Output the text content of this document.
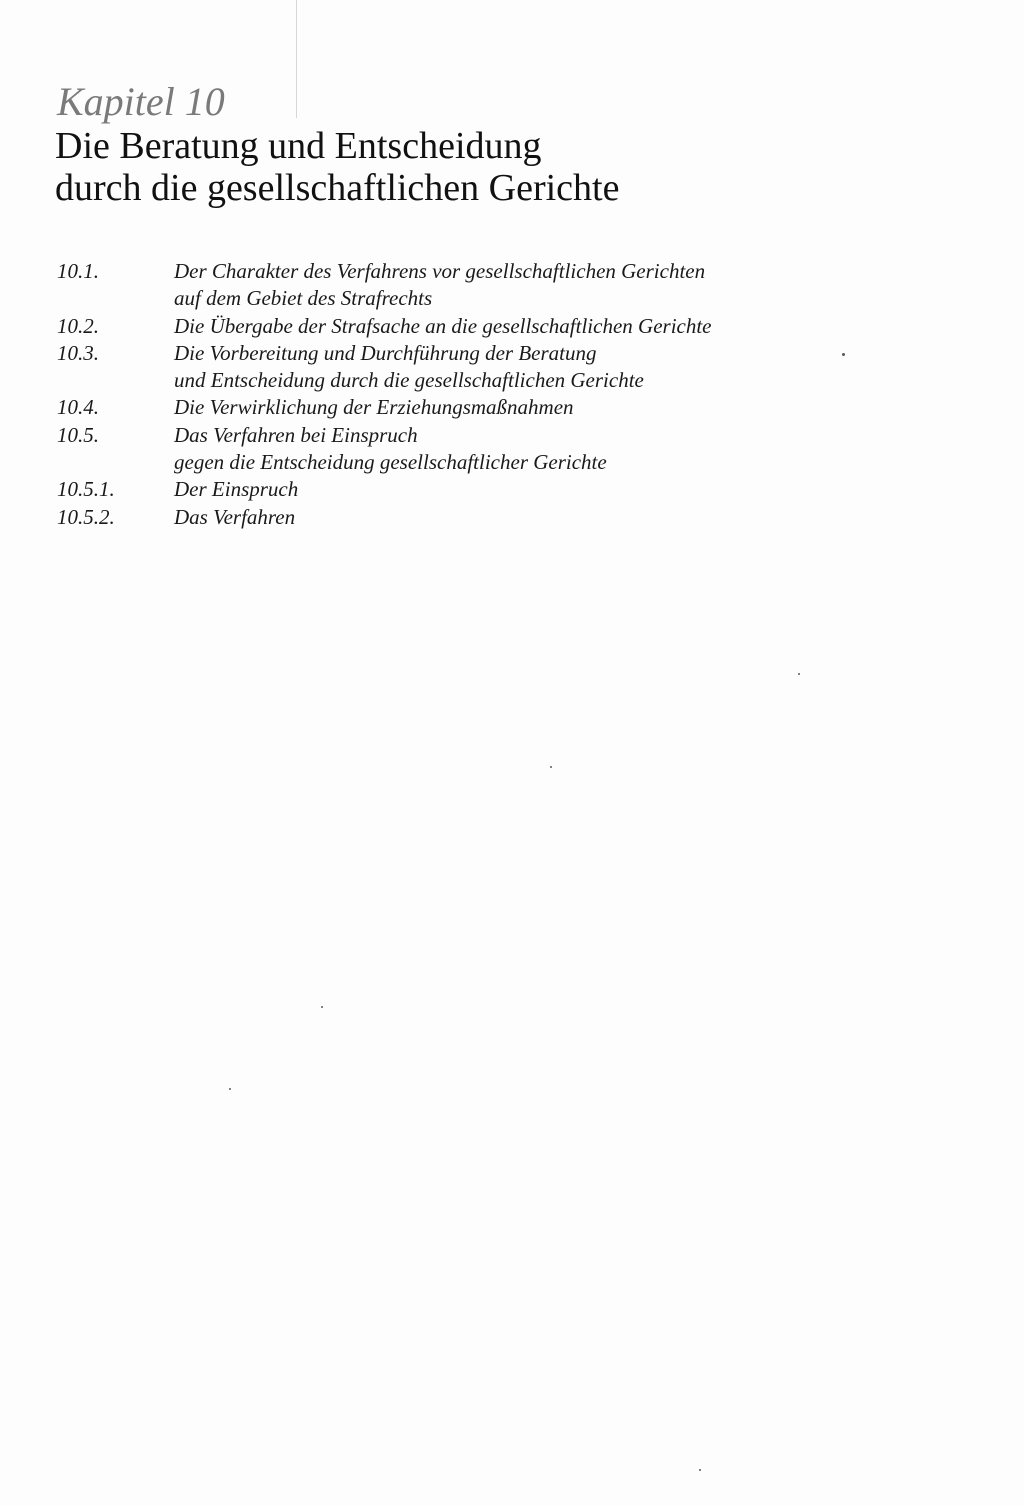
Kapitel 10
Die Beratung und Entscheidung
durch die gesellschaftlichen Gerichte
10.1.	Der Charakter des Verfahrens vor gesellschaftlichen Gerichten
auf dem Gebiet des Strafrechts
10.2.	Die Übergabe der Strafsache an die gesellschaftlichen Gerichte
10.3.	Die Vorbereitung und Durchführung der Beratung
und Entscheidung durch die gesellschaftlichen Gerichte
10.4.	Die Verwirklichung der Erziehungsmaßnahmen
10.5.	Das Verfahren bei Einspruch
gegen die Entscheidung gesellschaftlicher Gerichte
10.5.1.	Der Einspruch
10.5.2.	Das Verfahren
